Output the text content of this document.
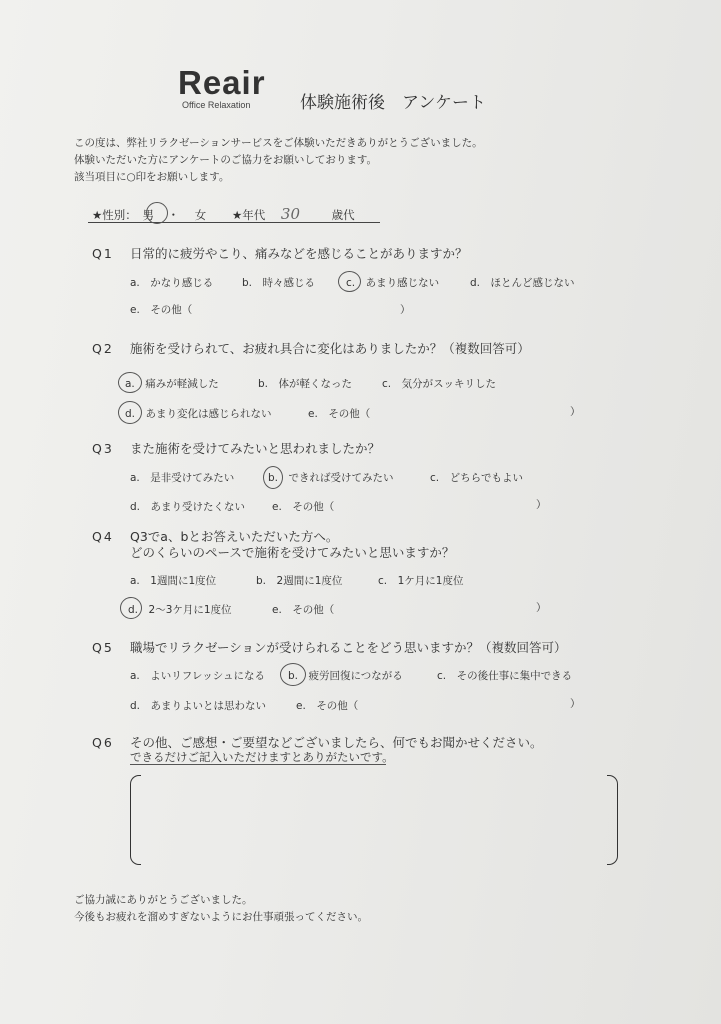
Reair
Office Relaxation	体験施術後　アンケート
この度は、弊社リラクゼーションサービスをご体験いただきありがとうございました。
体験いただいた方にアンケートのご協力をお願いしております。
該当項目に○印をお願いします。
★性別： 男 ・ 女 ★年代 30	歳代
Q1 日常的に疲労やこり、痛みなどを感じることがありますか？
a.　 かなり感じる	b.　 時々感じる	c.　 あまり感じない	d.　 ほとんど感じない
e.　 その他（	）
Q2 施術を受けられて、お疲れ具合に変化はありましたか？（複数回答可）
a.　 痛みが軽減した	b.　 体が軽くなった	c.　 気分がスッキリした
d.　 あまり変化は感じられない	e.　 その他（	）
Q3 また施術を受けてみたいと思われましたか？
a.　 是非受けてみたい	b.　 できれば受けてみたい	c.　 どちらでもよい
d.　 あまり受けたくない	e.　 その他（	）
Q4 Q3でa、bとお答えいただいた方へ。
どのくらいのペースで施術を受けてみたいと思いますか？
a.　 1週間に1度位	b.　 2週間に1度位	c.　 1ケ月に1度位
d.　 2〜3ケ月に1度位	e.　 その他（	）
Q5 職場でリラクゼーションが受けられることをどう思いますか？（複数回答可）
a.　 よいリフレッシュになる b.　 疲労回復につながる	c.　 その後仕事に集中できる
d.　 あまりよいとは思わない	e.　 その他（	）
Q6 その他、ご感想・ご要望などございましたら、何でもお聞かせください。
できるだけご記入いただけますとありがたいです。
ご協力誠にありがとうございました。
今後もお疲れを溜めすぎないようにお仕事頑張ってください。
